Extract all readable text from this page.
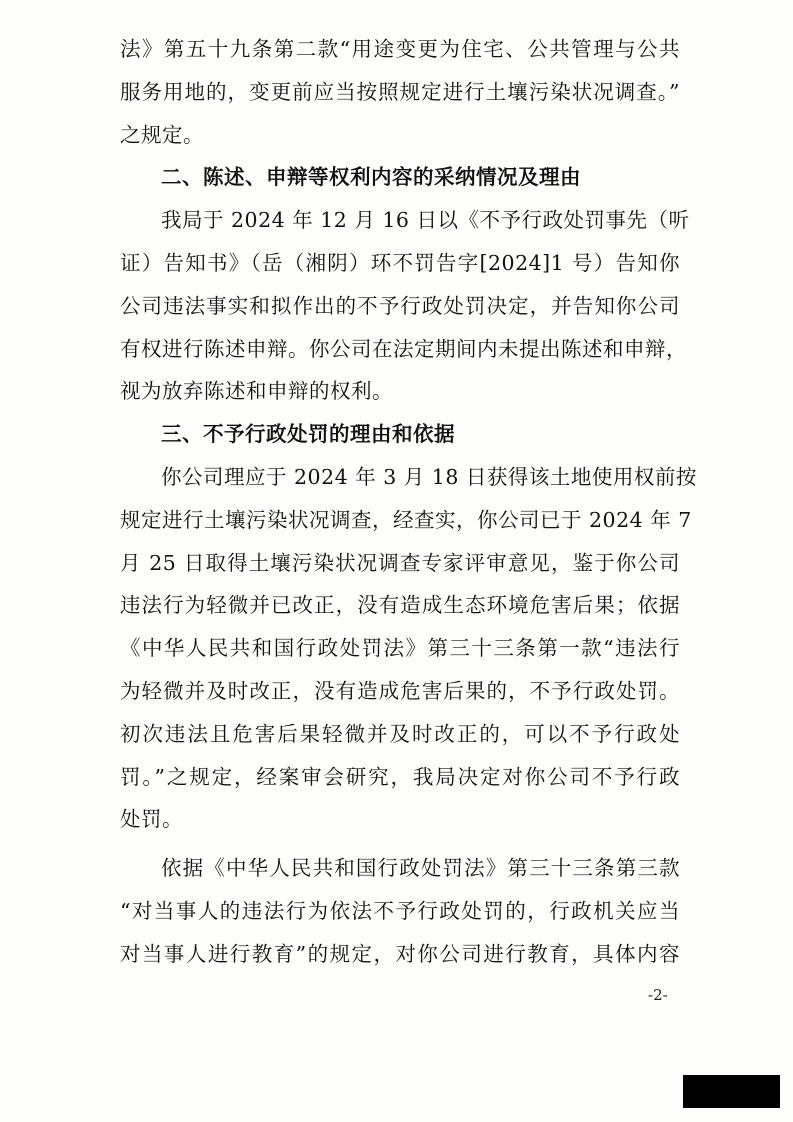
法》第五十九条第二款“用途变更为住宅、公共管理与公共
服务用地的，变更前应当按照规定进行土壤污染状况调查。”
之规定。
二、陈述、申辩等权利内容的采纳情况及理由
我局于 2024 年 12 月 16 日以《不予行政处罚事先（听
证）告知书》（岳（湘阴）环不罚告字[2024]1 号）告知你
公司违法事实和拟作出的不予行政处罚决定，并告知你公司
有权进行陈述申辩。你公司在法定期间内未提出陈述和申辩，
视为放弃陈述和申辩的权利。
三、不予行政处罚的理由和依据
你公司理应于 2024 年 3 月 18 日获得该土地使用权前按
规定进行土壤污染状况调查，经查实，你公司已于 2024 年 7
月 25 日取得土壤污染状况调查专家评审意见，鉴于你公司
违法行为轻微并已改正，没有造成生态环境危害后果；依据
《中华人民共和国行政处罚法》第三十三条第一款“违法行
为轻微并及时改正，没有造成危害后果的，不予行政处罚。
初次违法且危害后果轻微并及时改正的，可以不予行政处
罚。”之规定，经案审会研究，我局决定对你公司不予行政
处罚。
依据《中华人民共和国行政处罚法》第三十三条第三款
“对当事人的违法行为依法不予行政处罚的，行政机关应当
对当事人进行教育”的规定，对你公司进行教育，具体内容
-2-
